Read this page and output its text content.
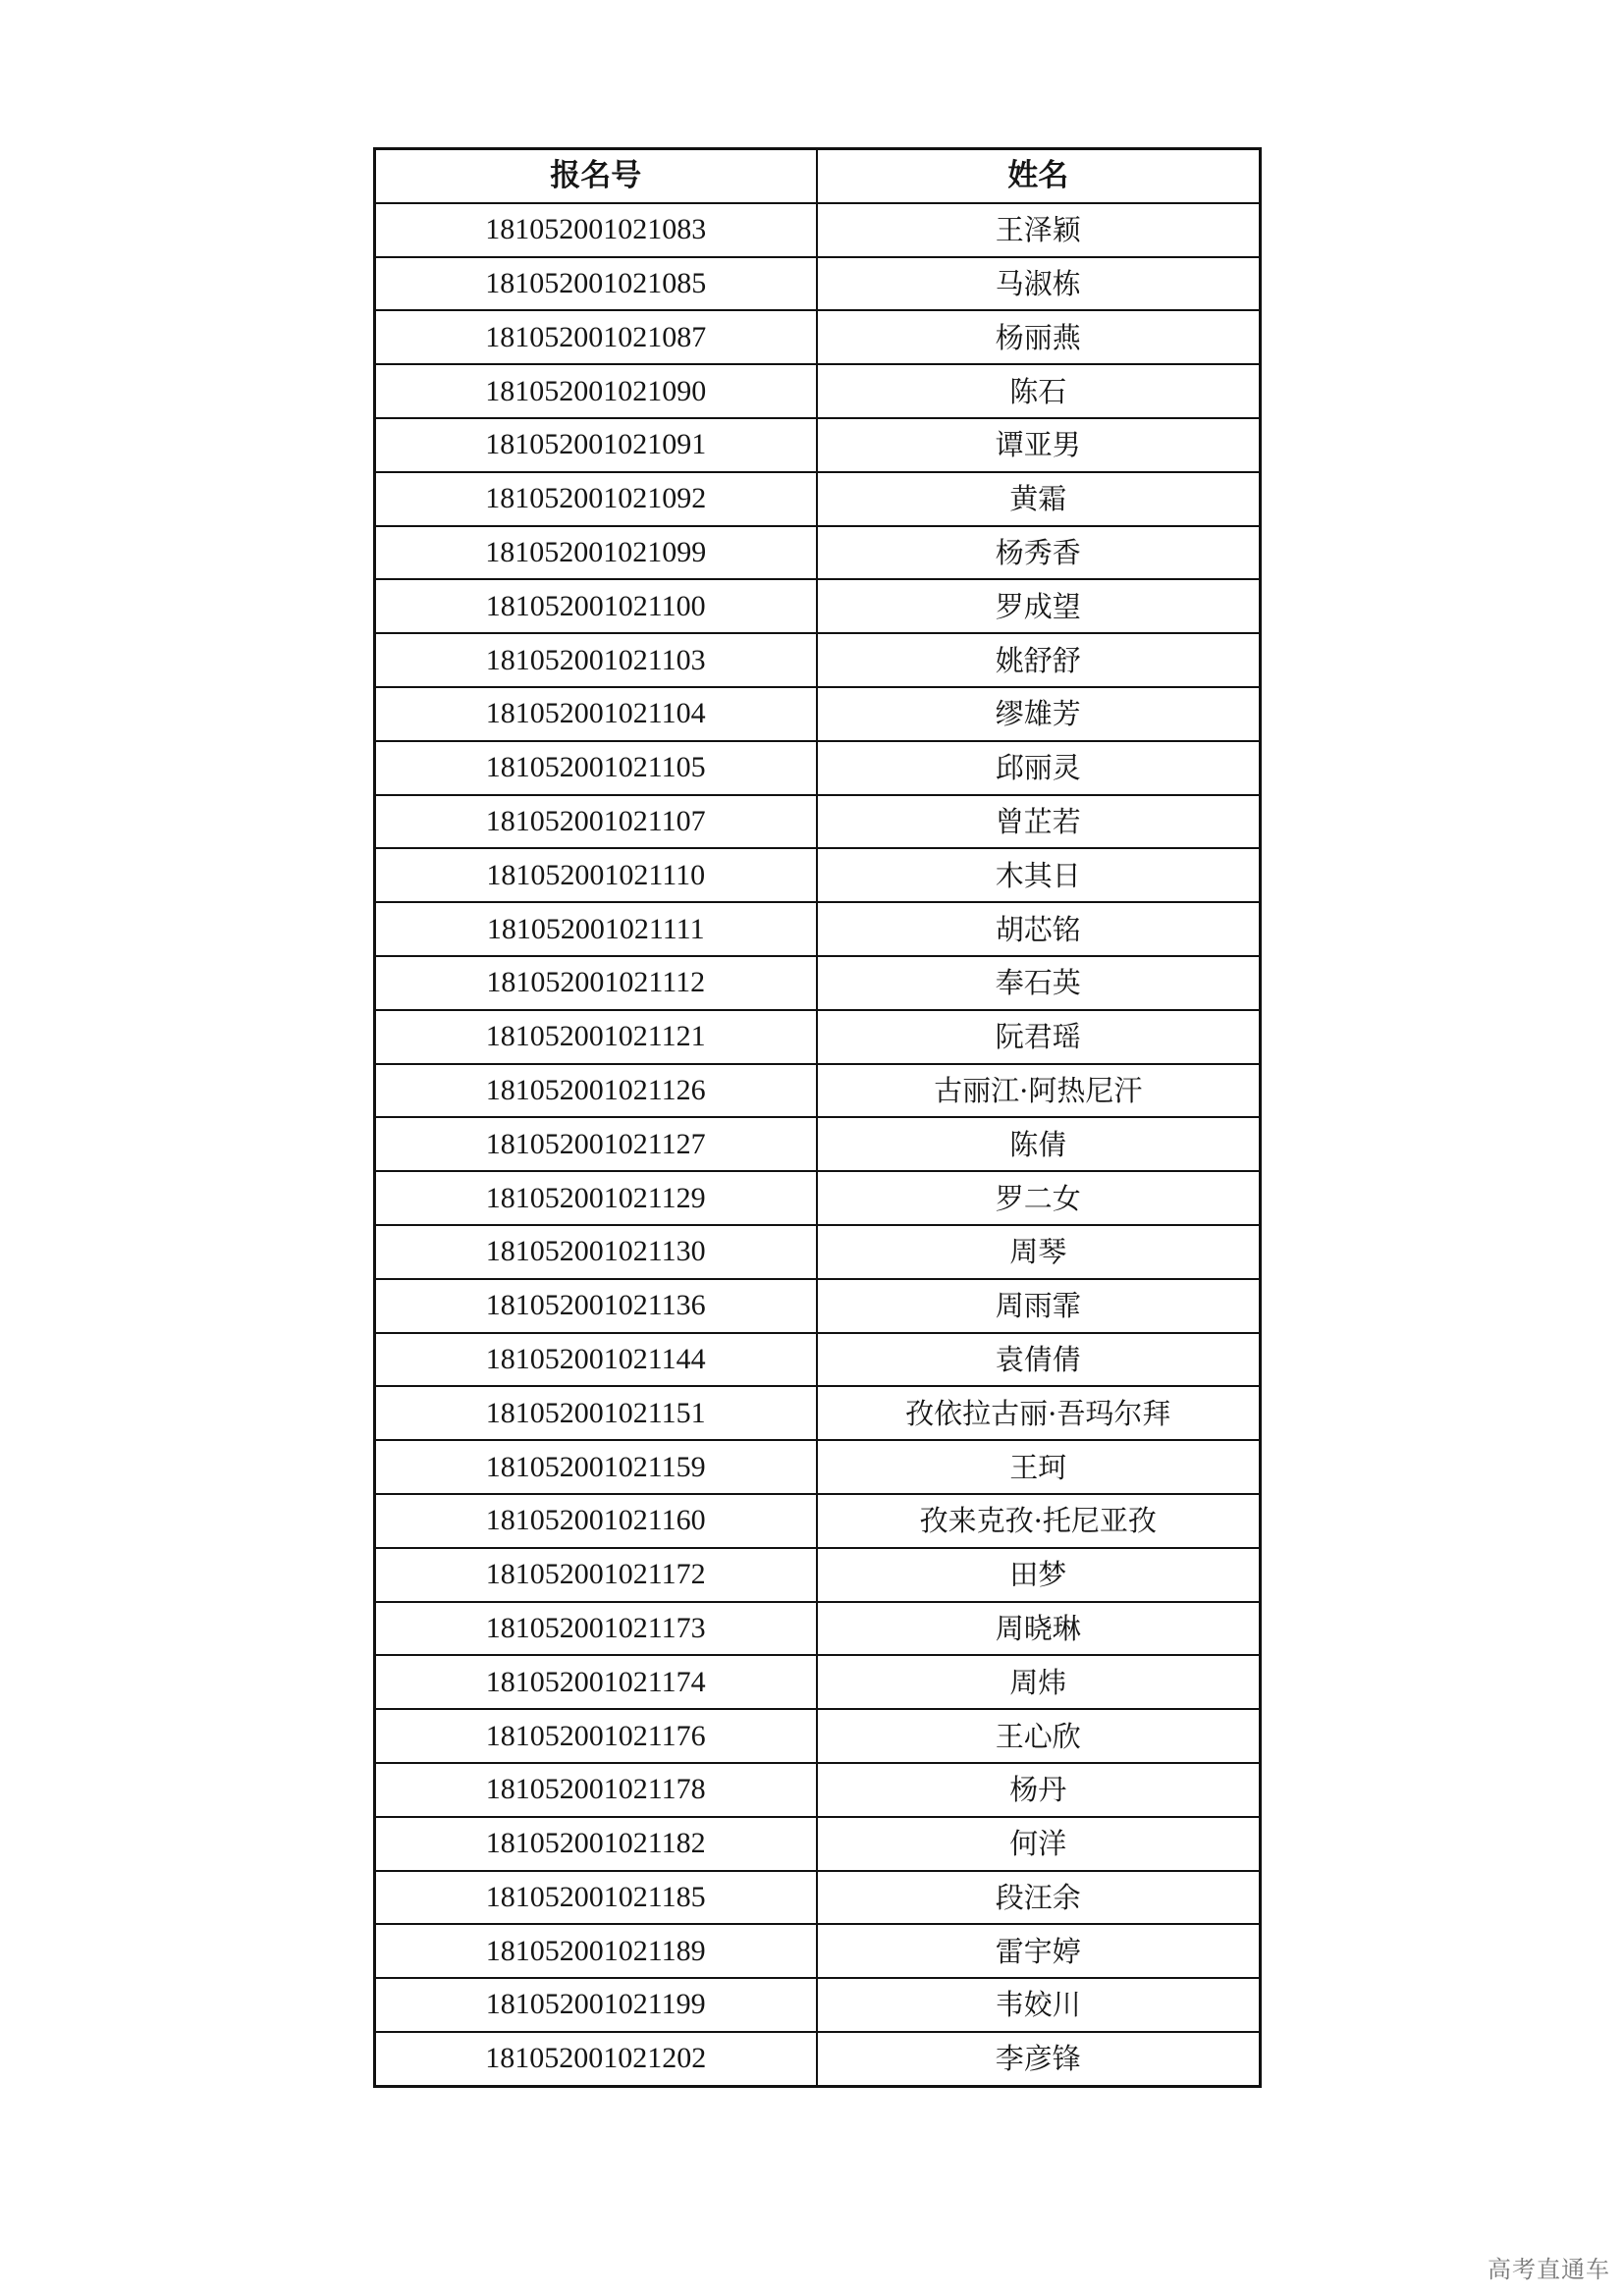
报名号	姓名
181052001021083	王泽颖
181052001021085	马淑栋
181052001021087	杨丽燕
181052001021090	陈石
181052001021091	谭亚男
181052001021092	黄霜
181052001021099	杨秀香
181052001021100	罗成望
181052001021103	姚舒舒
181052001021104	缪雄芳
181052001021105	邱丽灵
181052001021107	曾芷若
181052001021110	木其日
181052001021111	胡芯铭
181052001021112	奉石英
181052001021121	阮君瑶
181052001021126	古丽江·阿热尼汗
181052001021127	陈倩
181052001021129	罗二女
181052001021130	周琴
181052001021136	周雨霏
181052001021144	袁倩倩
181052001021151	孜依拉古丽·吾玛尔拜
181052001021159	王珂
181052001021160	孜来克孜·托尼亚孜
181052001021172	田梦
181052001021173	周晓琳
181052001021174	周炜
181052001021176	王心欣
181052001021178	杨丹
181052001021182	何洋
181052001021185	段汪余
181052001021189	雷宇婷
181052001021199	韦姣川
181052001021202	李彦锋
高考直通车
